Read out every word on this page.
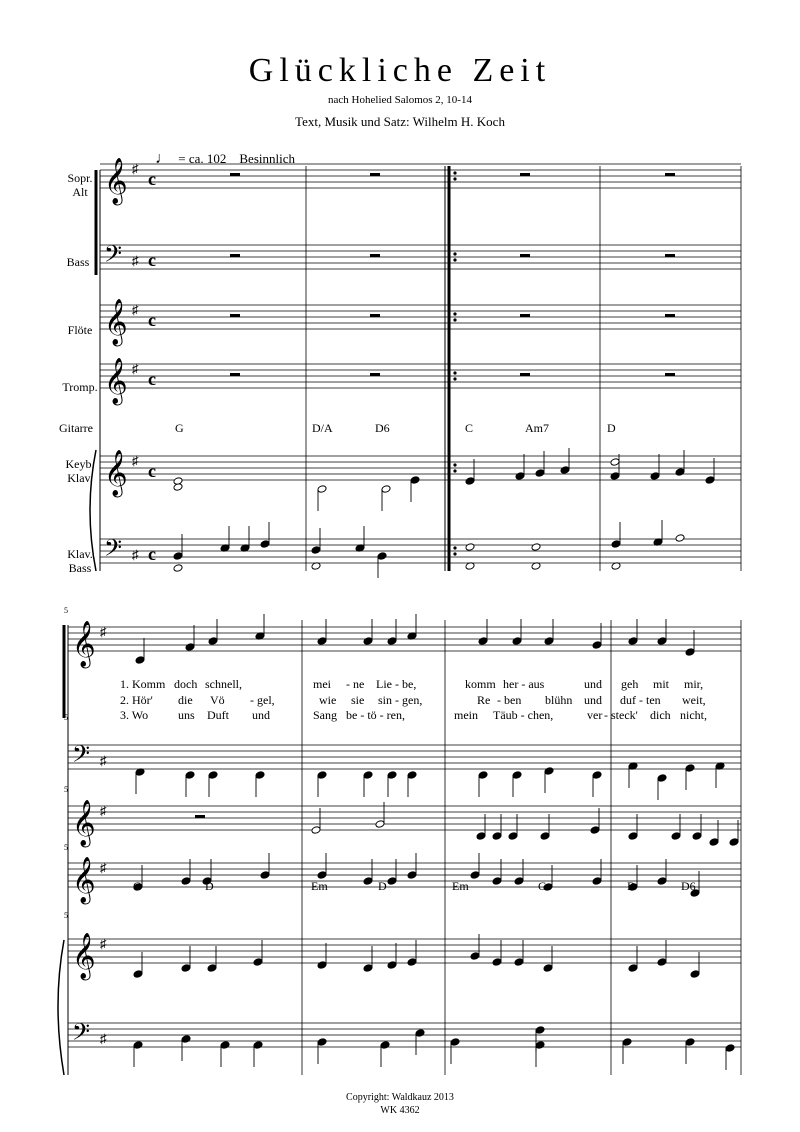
Glückliche Zeit
nach Hohelied Salomos 2, 10-14
Text, Musik und Satz: Wilhelm H. Koch
♩ = ca. 102 Besinnlich
𝄞 ♯
c
𝄢 ♯ c
𝄞 ♯
c
𝄞 ♯
c
𝄞 ♯
c
𝄢 ♯ c
𝄞 ♯
𝄢 ♯
𝄞 ♯
𝄞 ♯
𝄞 ♯
𝄢 ♯
Sopr.
Alt
Bass
Flöte
Tromp.
Gitarre
Keyb.
Klav.
Klav.
Bass
G	D/A	D6	C	Am7	D
G	D	Em	D	Em	C	D	D6
5
5
5
5
5
1. Komm doch schnell,	mei - ne Lie - be,	komm her - aus	und geh mit mir,
2. Hör' die Vö - gel,	wie sie sin - gen,	Re - ben blühn und duf - ten weit,
3. Wo uns Duft und	Sang be - tö - ren,	mein Täub - chen,	ver - steck' dich nicht,
Copyright: Waldkauz 2013
WK 4362
